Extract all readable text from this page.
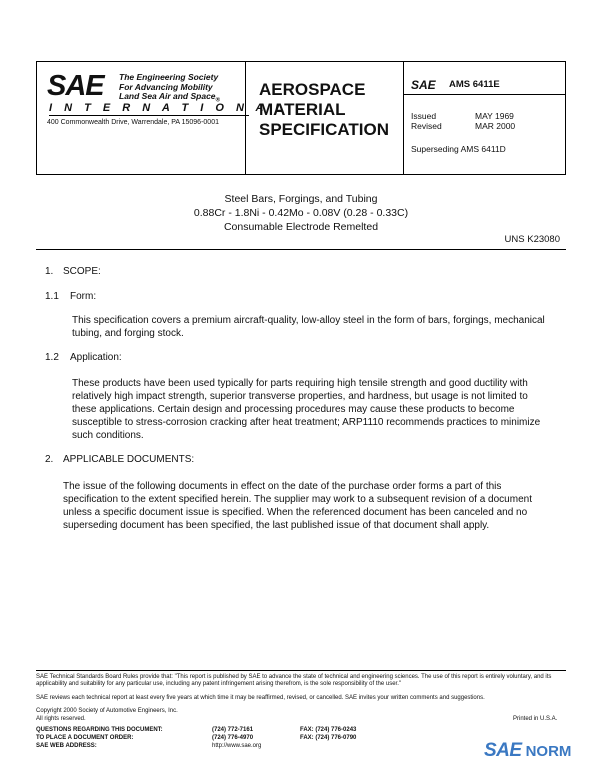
SAE The Engineering Society
For Advancing Mobility
Land Sea Air and Space$_®$
I N T E R N A T I O N A L
400 Commonwealth Drive, Warrendale, PA 15096-0001
AEROSPACE
MATERIAL
SPECIFICATION
SAE AMS 6411E
Issued	MAY 1969
Revised	MAR 2000
Superseding AMS 6411D
Steel Bars, Forgings, and Tubing
0.88Cr - 1.8Ni - 0.42Mo - 0.08V (0.28 - 0.33C)
Consumable Electrode Remelted
UNS K23080
1. SCOPE:
1.1 Form:
This specification covers a premium aircraft-quality, low-alloy steel in the form of bars, forgings, mechanical tubing, and forging stock.
1.2 Application:
These products have been used typically for parts requiring high tensile strength and good ductility with relatively high impact strength, superior transverse properties, and hardness, but usage is not limited to these applications. Certain design and processing procedures may cause these products to become susceptible to stress-corrosion cracking after heat treatment; ARP1110 recommends practices to minimize such conditions.
2. APPLICABLE DOCUMENTS:
The issue of the following documents in effect on the date of the purchase order forms a part of this specification to the extent specified herein. The supplier may work to a subsequent revision of a document unless a specific document issue is specified. When the referenced document has been canceled and no superseding document has been specified, the last published issue of that document shall apply.
SAE Technical Standards Board Rules provide that: "This report is published by SAE to advance the state of technical and engineering sciences. The use of this report is entirely voluntary, and its applicability and suitability for any particular use, including any patent infringement arising therefrom, is the sole responsibility of the user."
SAE reviews each technical report at least every five years at which time it may be reaffirmed, revised, or cancelled. SAE invites your written comments and suggestions.
Copyright 2000 Society of Automotive Engineers, Inc.
All rights reserved.	Printed in U.S.A.
QUESTIONS REGARDING THIS DOCUMENT:	(724) 772-7161	FAX: (724) 776-0243
TO PLACE A DOCUMENT ORDER:	(724) 776-4970	FAX: (724) 776-0790
SAE WEB ADDRESS:	http://www.sae.org	SAE NORM
